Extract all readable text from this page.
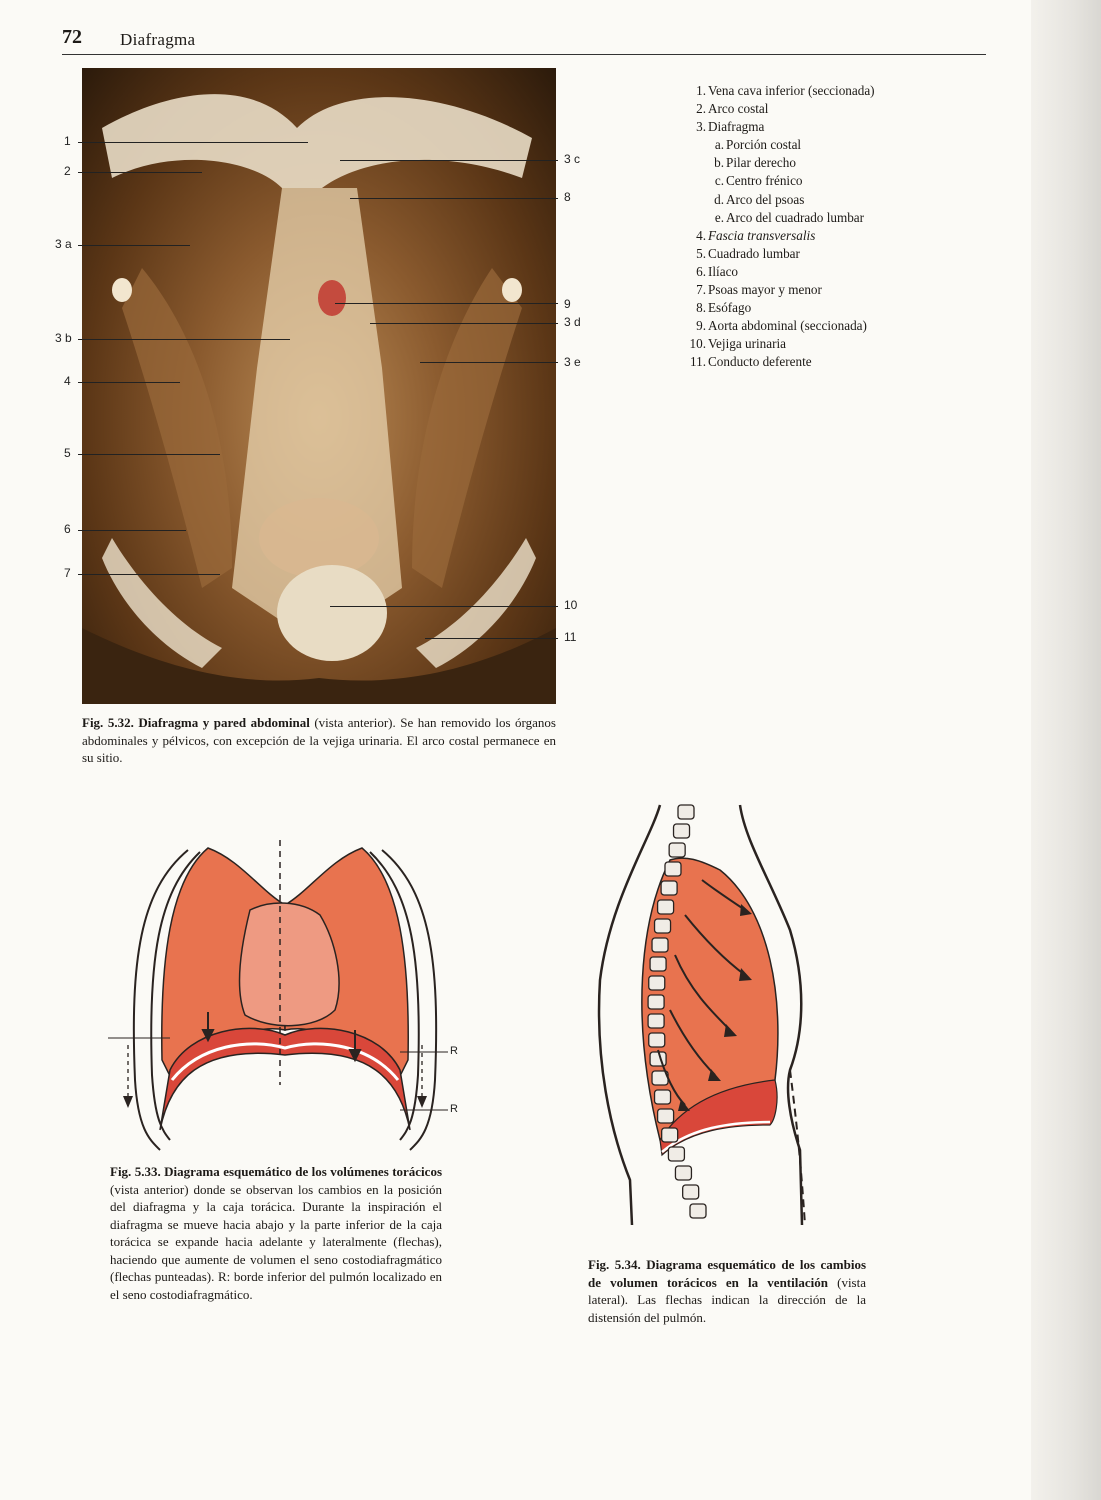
72 Diafragma
1
2
3 a
3 b
4
5
6
7
3 c
8
9
3 d
3 e
10
11
1. Vena cava inferior (seccionada)
2. Arco costal
3. Diafragma
a. Porción costal
b. Pilar derecho
c. Centro frénico
d. Arco del psoas
e. Arco del cuadrado lumbar
4. Fascia transversalis
5. Cuadrado lumbar
6. Ilíaco
7. Psoas mayor y menor
8. Esófago
9. Aorta abdominal (seccionada)
10. Vejiga urinaria
11. Conducto deferente
Fig. 5.32. Diafragma y pared abdominal (vista anterior). Se han removido los órganos abdominales y pélvicos, con excepción de la vejiga urinaria. El arco costal permanece en su sitio.
R
R
Fig. 5.33. Diagrama esquemático de los volúmenes torácicos (vista anterior) donde se observan los cambios en la posición del diafragma y la caja torácica. Durante la inspiración el diafragma se mueve hacia abajo y la parte inferior de la caja torácica se expande hacia adelante y lateralmente (flechas), haciendo que aumente de volumen el seno costodiafragmático (flechas punteadas). R: borde inferior del pulmón localizado en el seno costodiafragmático.
Fig. 5.34. Diagrama esquemático de los cambios de volumen torácicos en la ventilación (vista lateral). Las flechas indican la dirección de la distensión del pulmón.
